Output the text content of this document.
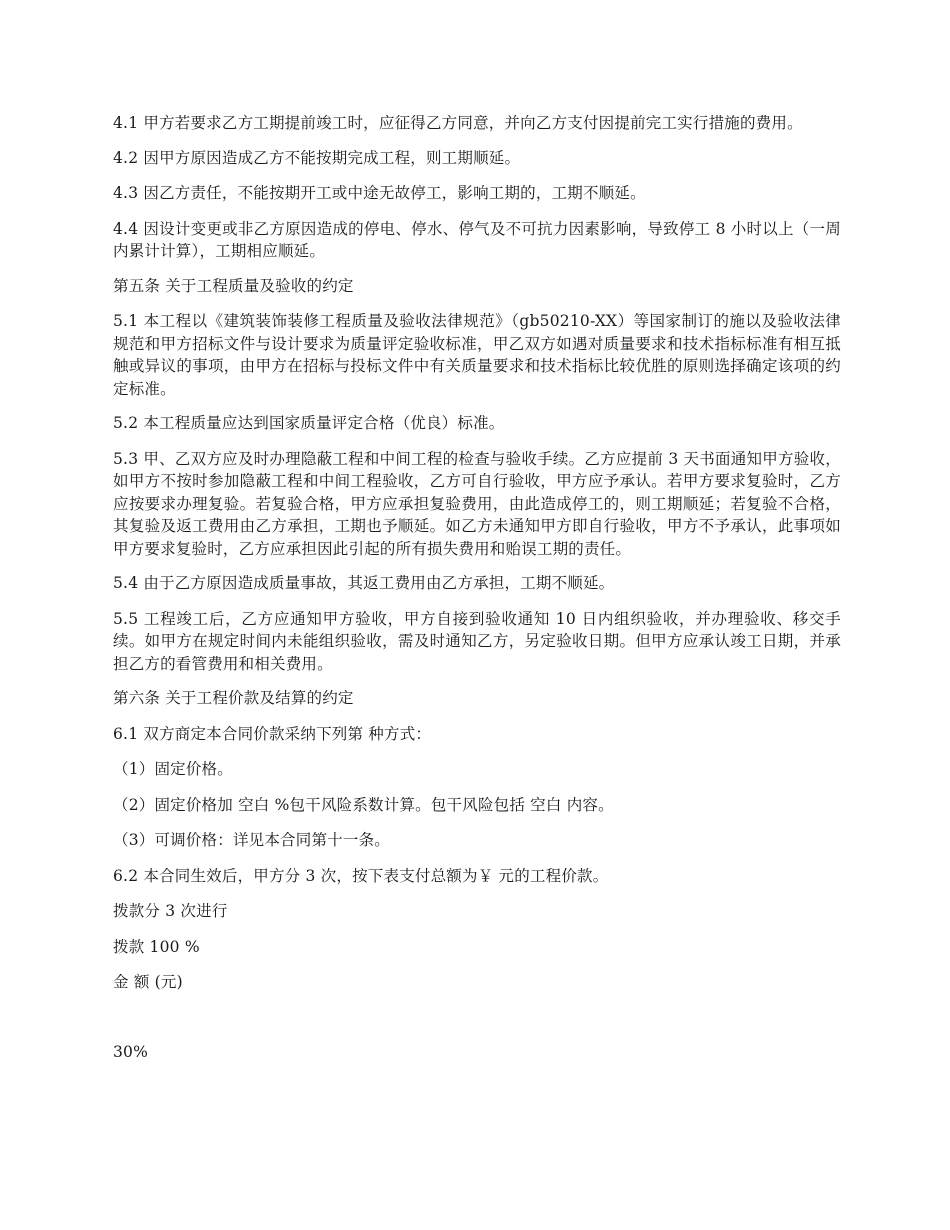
4.1 甲方若要求乙方工期提前竣工时，应征得乙方同意，并向乙方支付因提前完工实行措施的费用。

4.2 因甲方原因造成乙方不能按期完成工程，则工期顺延。

4.3 因乙方责任，不能按期开工或中途无故停工，影响工期的，工期不顺延。

4.4 因设计变更或非乙方原因造成的停电、停水、停气及不可抗力因素影响，导致停工 8 小时以上（一周内累计计算），工期相应顺延。

第五条 关于工程质量及验收的约定

5.1 本工程以《建筑装饰装修工程质量及验收法律规范》（gb50210-XX）等国家制订的施以及验收法律规范和甲方招标文件与设计要求为质量评定验收标准，甲乙双方如遇对质量要求和技术指标标准有相互抵触或异议的事项，由甲方在招标与投标文件中有关质量要求和技术指标比较优胜的原则选择确定该项的约定标准。

5.2 本工程质量应达到国家质量评定合格（优良）标准。

5.3 甲、乙双方应及时办理隐蔽工程和中间工程的检查与验收手续。乙方应提前 3 天书面通知甲方验收，如甲方不按时参加隐蔽工程和中间工程验收，乙方可自行验收，甲方应予承认。若甲方要求复验时，乙方应按要求办理复验。若复验合格，甲方应承担复验费用，由此造成停工的，则工期顺延；若复验不合格，其复验及返工费用由乙方承担，工期也予顺延。如乙方未通知甲方即自行验收，甲方不予承认，此事项如甲方要求复验时，乙方应承担因此引起的所有损失费用和贻误工期的责任。

5.4 由于乙方原因造成质量事故，其返工费用由乙方承担，工期不顺延。

5.5 工程竣工后，乙方应通知甲方验收，甲方自接到验收通知 10 日内组织验收，并办理验收、移交手续。如甲方在规定时间内未能组织验收，需及时通知乙方，另定验收日期。但甲方应承认竣工日期，并承担乙方的看管费用和相关费用。

第六条 关于工程价款及结算的约定

6.1 双方商定本合同价款采纳下列第 种方式：

（1）固定价格。

（2）固定价格加 空白 %包干风险系数计算。包干风险包括 空白 内容。

（3）可调价格：详见本合同第十一条。

6.2 本合同生效后，甲方分 3 次，按下表支付总额为￥ 元的工程价款。

拨款分 3 次进行

拨款 100 %

金 额 (元)

30%
